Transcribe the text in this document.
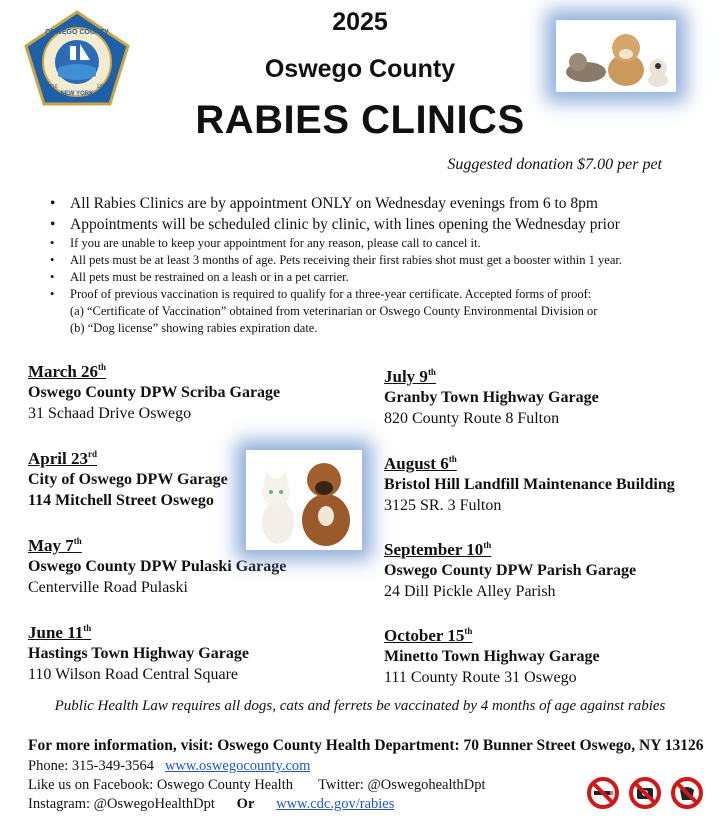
OSWEGO COUNTY
NEW YORK
1816	1816
2025
Oswego County
RABIES CLINICS
Suggested donation $7.00 per pet
• All Rabies Clinics are by appointment ONLY on Wednesday evenings from 6 to 8pm
• Appointments will be scheduled clinic by clinic, with lines opening the Wednesday prior
• If you are unable to keep your appointment for any reason, please call to cancel it.
• All pets must be at least 3 months of age. Pets receiving their first rabies shot must get a booster within 1 year.
• All pets must be restrained on a leash or in a pet carrier.
• Proof of previous vaccination is required to qualify for a three-year certificate. Accepted forms of proof:
(a) “Certificate of Vaccination” obtained from veterinarian or Oswego County Environmental Division or
(b) “Dog license” showing rabies expiration date.
March 26th
Oswego County DPW Scriba Garage
31 Schaad Drive Oswego
April 23rd
City of Oswego DPW Garage
114 Mitchell Street Oswego
May 7th
Oswego County DPW Pulaski Garage
Centerville Road Pulaski
June 11th
Hastings Town Highway Garage
110 Wilson Road Central Square
July 9th
Granby Town Highway Garage
820 County Route 8 Fulton
August 6th
Bristol Hill Landfill Maintenance Building
3125 SR. 3 Fulton
September 10th
Oswego County DPW Parish Garage
24 Dill Pickle Alley Parish
October 15th
Minetto Town Highway Garage
111 County Route 31 Oswego
Public Health Law requires all dogs, cats and ferrets be vaccinated by 4 months of age against rabies
For more information, visit: Oswego County Health Department: 70 Bunner Street Oswego, NY 13126
Phone: 315-349-3564 www.oswegocounty.com
Like us on Facebook: Oswego County Health Twitter: @OswegohealthDpt
Instagram: @OswegoHealthDpt Or www.cdc.gov/rabies
